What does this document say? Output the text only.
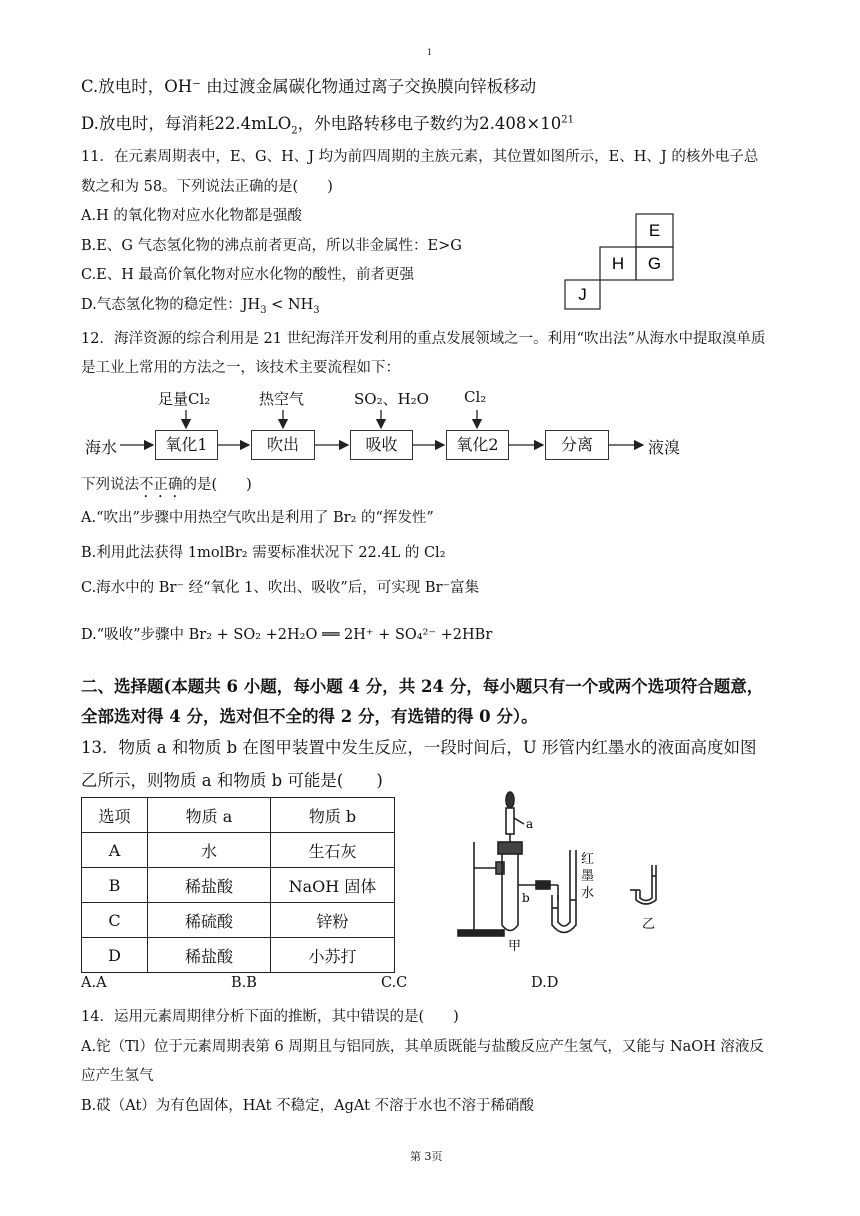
1
C.放电时，OH⁻ 由过渡金属碳化物通过离子交换膜向锌板移动
D.放电时，每消耗22.4mLO$_2$，外电路转移电子数约为$2.408\times 10^{21}$
11．在元素周期表中，E、G、H、J 均为前四周期的主族元素，其位置如图所示，E、H、J 的核外电子总
数之和为 58。下列说法正确的是(　　)
A.H 的氧化物对应水化物都是强酸
B.E、G 气态氢化物的沸点前者更高，所以非金属性：E>G
C.E、H 最高价氧化物对应水化物的酸性，前者更强
D.气态氢化物的稳定性：$JH_3 < NH_3$
E
H G
J
12．海洋资源的综合利用是 21 世纪海洋开发利用的重点发展领域之一。利用“吹出法”从海水中提取溴单质
是工业上常用的方法之一，该技术主要流程如下：
海水	液溴
氧化1	吹出	吸收	氧化2	分离
足量Cl₂	热空气	SO₂、H₂O Cl₂
下列说法不正确的是(　　)
A.“吹出”步骤中用热空气吹出是利用了 Br₂ 的“挥发性”
B.利用此法获得 1molBr₂ 需要标准状况下 22.4L 的 Cl₂
C.海水中的 Br⁻ 经“氧化 1、吹出、吸收”后，可实现 Br⁻富集
D.“吸收”步骤中 Br₂ + SO₂ +2H₂O ══ 2H⁺ + SO₄²⁻ +2HBr
二、选择题(本题共 6 小题，每小题 4 分，共 24 分，每小题只有一个或两个选项符合题意，
全部选对得 4 分，选对但不全的得 2 分，有选错的得 0 分）。
13．物质 a 和物质 b 在图甲装置中发生反应，一段时间后，U 形管内红墨水的液面高度如图
乙所示，则物质 a 和物质 b 可能是(　　)
选项	物质 a	物质 b
A	水	生石灰
B	稀盐酸	NaOH 固体
C	稀硫酸	锌粉
D	稀盐酸	小苏打
a
b
红
墨
水
甲
乙
A.A	B.B	C.C	D.D
14．运用元素周期律分析下面的推断，其中错误的是(　　)
A.铊（Tl）位于元素周期表第 6 周期且与铝同族，其单质既能与盐酸反应产生氢气，又能与 NaOH 溶液反
应产生氢气
B.砹（At）为有色固体，HAt 不稳定，AgAt 不溶于水也不溶于稀硝酸
第 3页
